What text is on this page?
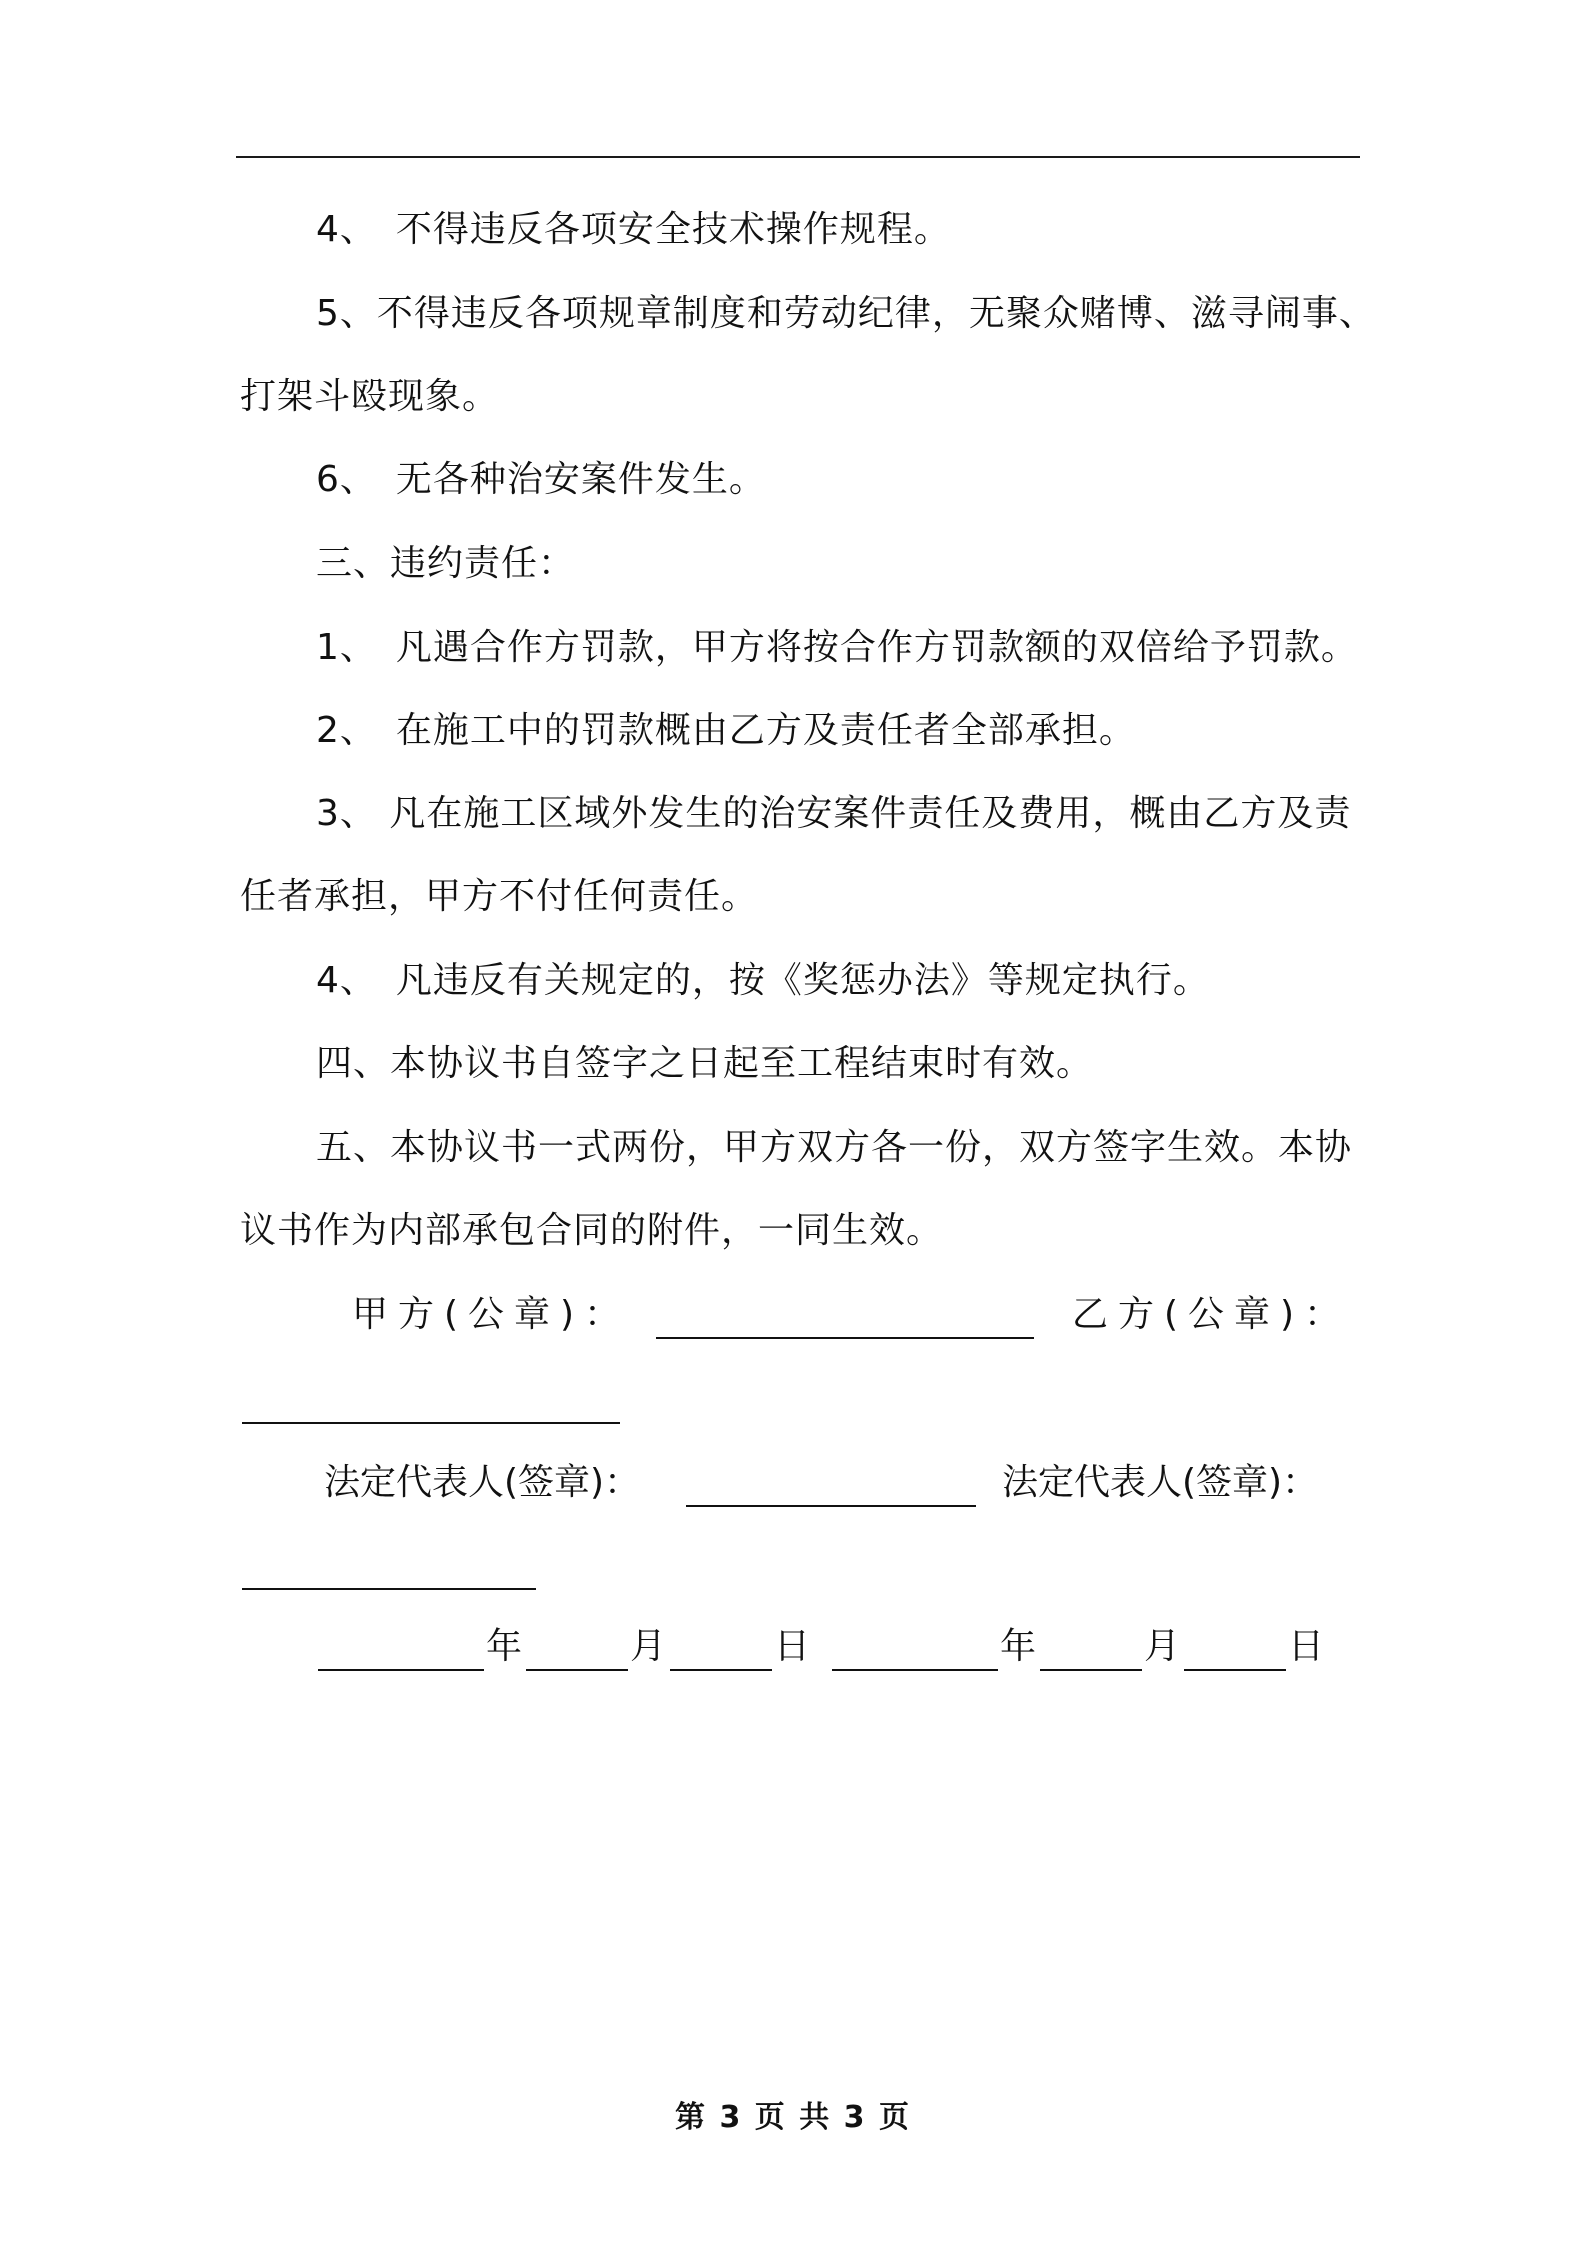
4、　不得违反各项安全技术操作规程。
5、不得违反各项规章制度和劳动纪律，无聚众赌博、滋寻闹事、
打架斗殴现象。
6、　无各种治安案件发生。
三、违约责任：
1、　凡遇合作方罚款，甲方将按合作方罚款额的双倍给予罚款。
2、　在施工中的罚款概由乙方及责任者全部承担。
3、 凡在施工区域外发生的治安案件责任及费用，概由乙方及责
任者承担，甲方不付任何责任。
4、　凡违反有关规定的，按《奖惩办法》等规定执行。
四、本协议书自签字之日起至工程结束时有效。
五、本协议书一式两份，甲方双方各一份，双方签字生效。本协
议书作为内部承包合同的附件，一同生效。
甲方(公章)：	乙方(公章)：
法定代表人(签章)：	法定代表人(签章)：
年	月	日	年	月	日
第 3 页 共 3 页
